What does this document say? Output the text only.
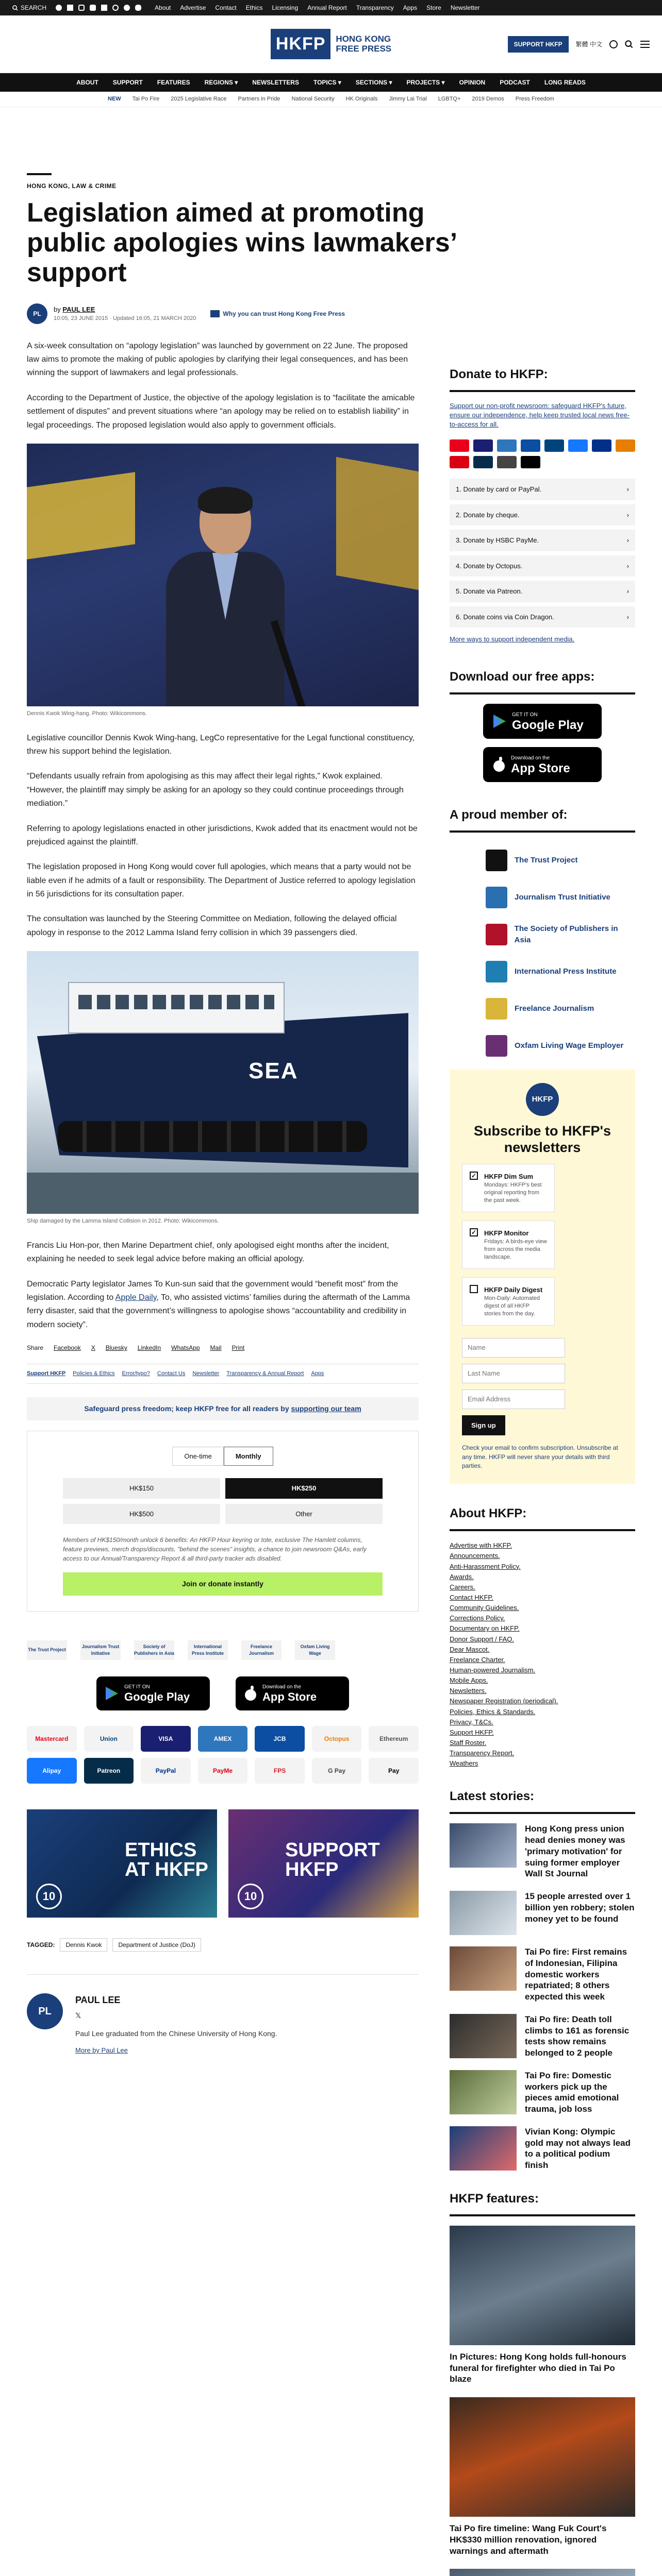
SEARCH	About Advertise Contact Ethics Licensing Annual Report Transparency Apps Store Newsletter
HKFP	HONG KONG
FREE PRESS	SUPPORT HKFP	繁體 中文
ABOUT SUPPORT FEATURES REGIONS ▾ NEWSLETTERS TOPICS ▾ SECTIONS ▾ PROJECTS ▾ OPINION PODCAST LONG READS
NEW Tai Po Fire 2025 Legislative Race Partners in Pride National Security HK Originals Jimmy Lai Trial LGBTQ+ 2019 Demos Press Freedom
HONG KONG, LAW & CRIME
Legislation aimed at promoting public apologies wins lawmakers’ support
PL
by PAUL LEE
10:05, 23 JUNE 2015 · Updated 16:05, 21 MARCH 2020
Why you can trust Hong Kong Free Press

A six-week consultation on “apology legislation” was launched by government on 22 June. The proposed law aims to promote the making of public apologies by clarifying their legal consequences, and has been winning the support of lawmakers and legal professionals.

According to the Department of Justice, the objective of the apology legislation is to “facilitate the amicable settlement of disputes” and prevent situations where “an apology may be relied on to establish liability” in legal proceedings. The proposed legislation would also apply to government officials.

Dennis Kwok Wing-hang. Photo: Wikicommons.

Legislative councillor Dennis Kwok Wing-hang, LegCo representative for the Legal functional constituency, threw his support behind the legislation.

“Defendants usually refrain from apologising as this may affect their legal rights,” Kwok explained. “However, the plaintiff may simply be asking for an apology so they could continue proceedings through mediation.”

Referring to apology legislations enacted in other jurisdictions, Kwok added that its enactment would not be prejudiced against the plaintiff.

The legislation proposed in Hong Kong would cover full apologies, which means that a party would not be liable even if he admits of a fault or responsibility. The Department of Justice referred to apology legislation in 56 jurisdictions for its consultation paper.

The consultation was launched by the Steering Committee on Mediation, following the delayed official apology in response to the 2012 Lamma Island ferry collision in which 39 passengers died.

SEA
Ship damaged by the Lamma Island Collision in 2012. Photo: Wikicommons.

Francis Liu Hon-por, then Marine Department chief, only apologised eight months after the incident, explaining he needed to seek legal advice before making an official apology.

Democratic Party legislator James To Kun-sun said that the government would “benefit most” from the legislation. According to Apple Daily, To, who assisted victims’ families during the aftermath of the Lamma ferry disaster, said that the government’s willingness to apologise shows “accountability and credibility in modern society”.

Share Facebook X Bluesky LinkedIn WhatsApp Mail Print
Support HKFP Policies & Ethics Error/typo? Contact Us Newsletter Transparency & Annual Report Apps
Safeguard press freedom; keep HKFP free for all readers by supporting our team
One-time	Monthly
HK$150	HK$250
HK$500	Other
Members of HK$150/month unlock 6 benefits: An HKFP Hour keyring or tote, exclusive The Hamlett columns, feature previews, merch drops/discounts, "behind the scenes" insights, a chance to join newsroom Q&As, early access to our Annual/Transparency Report & all third-party tracker ads disabled.
Join or donate instantly
The Trust Project
Journalism Trust Initiative
Society of Publishers in Asia
International Press Institute
Freelance Journalism
Oxfam Living Wage
GET IT ON
Google Play
Download on the
App Store
Mastercard	Union	VISA	AMEX	JCB	Octopus	Ethereum
Alipay	Patreon	PayPal	PayMe	FPS	G Pay	Pay
ETHICS AT HKFP
10
SUPPORT HKFP
10
TAGGED:	Dennis Kwok	Department of Justice (DoJ)
PL
PAUL LEE
𝕏
Paul Lee graduated from the Chinese University of Hong Kong.
More by Paul Lee
Donate to HKFP:
Support our non-profit newsroom: safeguard HKFP's future, ensure our independence, help keep trusted local news free-to-access for all.
1. Donate by card or PayPal.	›
2. Donate by cheque.	›
3. Donate by HSBC PayMe.	›
4. Donate by Octopus.	›
5. Donate via Patreon.	›
6. Donate coins via Coin Dragon.	›
More ways to support independent media.
Download our free apps:
GET IT ON
Google Play
Download on the
App Store
A proud member of:
The Trust Project
Journalism Trust Initiative
The Society of Publishers in Asia
International Press Institute
Freelance Journalism
Oxfam Living Wage Employer
HKFP
Subscribe to HKFP's newsletters
✓ HKFP Dim Sum
Mondays: HKFP's best original reporting from the past week.
✓ HKFP Monitor
Fridays: A birds-eye view from across the media landscape.
HKFP Daily Digest
Mon-Daily: Automated digest of all HKFP stories from the day.
Name Last Name Email Address
Sign up
Check your email to confirm subscription. Unsubscribe at any time. HKFP will never share your details with third parties.
About HKFP:
Advertise with HKFP.
Announcements.
Anti-Harassment Policy.
Awards.
Careers.
Contact HKFP.
Community Guidelines.
Corrections Policy.
Documentary on HKFP.
Donor Support / FAQ.
Dear Mascot.
Freelance Charter.
Human-powered Journalism.
Mobile Apps.
Newsletters.
Newspaper Registration (periodical).
Policies, Ethics & Standards.
Privacy, T&Cs.
Support HKFP.
Staff Roster.
Transparency Report.
Weathers
Latest stories:
Hong Kong press union head denies money was 'primary motivation' for suing former employer Wall St Journal
15 people arrested over 1 billion yen robbery; stolen money yet to be found
Tai Po fire: First remains of Indonesian, Filipina domestic workers repatriated; 8 others expected this week
Tai Po fire: Death toll climbs to 161 as forensic tests show remains belonged to 2 people
Tai Po fire: Domestic workers pick up the pieces amid emotional trauma, job loss
Vivian Kong: Olympic gold may not always lead to a political podium finish
HKFP features:
In Pictures: Hong Kong holds full-honours funeral for firefighter who died in Tai Po blaze
Tai Po fire timeline: Wang Fuk Court's HK$330 million renovation, ignored warnings and aftermath
